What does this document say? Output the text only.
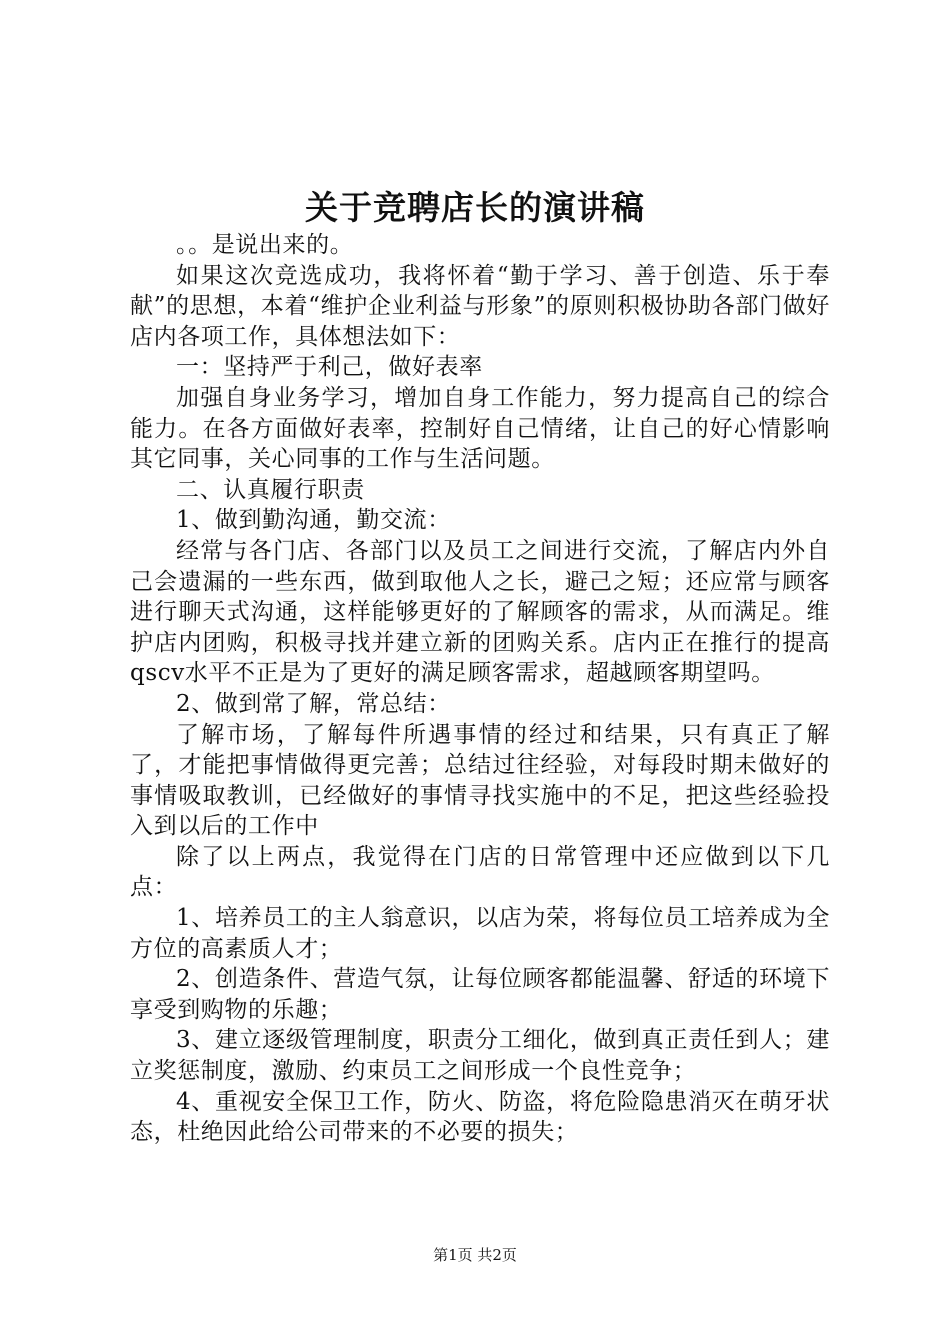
关于竞聘店长的演讲稿

。。是说出来的。

如果这次竞选成功，我将怀着“勤于学习、善于创造、乐于奉献”的思想，本着“维护企业利益与形象”的原则积极协助各部门做好店内各项工作，具体想法如下：

一：坚持严于利己，做好表率

加强自身业务学习，增加自身工作能力，努力提高自己的综合能力。在各方面做好表率，控制好自己情绪，让自己的好心情影响其它同事，关心同事的工作与生活问题。

二、认真履行职责

1、做到勤沟通，勤交流：

经常与各门店、各部门以及员工之间进行交流，了解店内外自己会遗漏的一些东西，做到取他人之长，避己之短；还应常与顾客进行聊天式沟通，这样能够更好的了解顾客的需求，从而满足。维护店内团购，积极寻找并建立新的团购关系。店内正在推行的提高qscv水平不正是为了更好的满足顾客需求，超越顾客期望吗。

2、做到常了解，常总结：

了解市场，了解每件所遇事情的经过和结果，只有真正了解了，才能把事情做得更完善；总结过往经验，对每段时期未做好的事情吸取教训，已经做好的事情寻找实施中的不足，把这些经验投入到以后的工作中

除了以上两点，我觉得在门店的日常管理中还应做到以下几点：

1、培养员工的主人翁意识，以店为荣，将每位员工培养成为全方位的高素质人才；

2、创造条件、营造气氛，让每位顾客都能温馨、舒适的环境下享受到购物的乐趣；

3、建立逐级管理制度，职责分工细化，做到真正责任到人；建立奖惩制度，激励、约束员工之间形成一个良性竞争；

4、重视安全保卫工作，防火、防盗，将危险隐患消灭在萌牙状态，杜绝因此给公司带来的不必要的损失；

第1页 共2页
